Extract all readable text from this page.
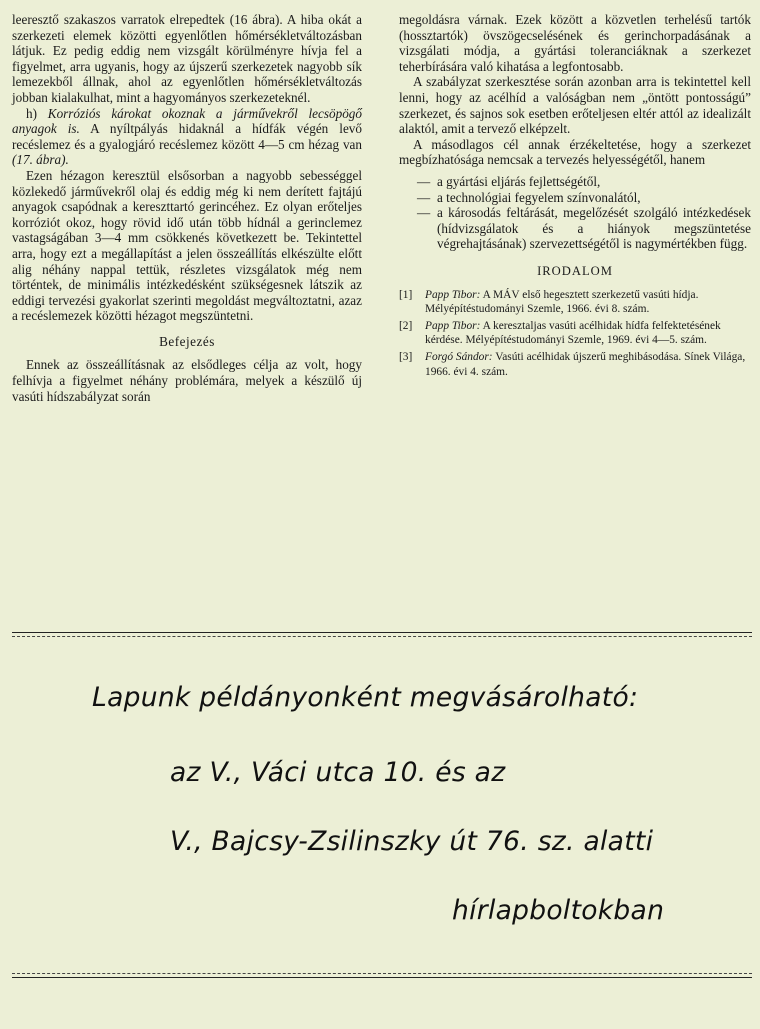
leeresztő szakaszos varratok elrepedtek (16 ábra). A hiba okát a szerkezeti elemek közötti egyenlőtlen hőmérsékletváltozásban látjuk. Ez pedig eddig nem vizsgált körülményre hívja fel a figyelmet, arra ugyanis, hogy az újszerű szerkezetek nagyobb sík lemezekből állnak, ahol az egyenlőtlen hőmérsékletváltozás jobban kialakulhat, mint a hagyományos szerkezeteknél.

h) Korróziós károkat okoznak a járművekről lecsöpögő anyagok is. A nyíltpályás hidaknál a hídfák végén levő recéslemez és a gyalogjáró recéslemez között 4—5 cm hézag van (17. ábra).

Ezen hézagon keresztül elsősorban a nagyobb sebességgel közlekedő járművekről olaj és eddig még ki nem derített fajtájú anyagok csapódnak a kereszttartó gerincéhez. Ez olyan erőteljes korróziót okoz, hogy rövid idő után több hídnál a gerinclemez vastagságában 3—4 mm csökkenés következett be. Tekintettel arra, hogy ezt a megállapítást a jelen összeállítás elkészülte előtt alig néhány nappal tettük, részletes vizsgálatok még nem történtek, de minimális intézkedésként szükségesnek látszik az eddigi tervezési gyakorlat szerinti megoldást megváltoztatni, azaz a recéslemezek közötti hézagot megszüntetni.

Befejezés

Ennek az összeállításnak az elsődleges célja az volt, hogy felhívja a figyelmet néhány problémára, melyek a készülő új vasúti hídszabályzat során

megoldásra várnak. Ezek között a közvetlen terhelésű tartók (hossztartók) övszögecselésének és gerinchorpadásának a vizsgálati módja, a gyártási toleranciáknak a szerkezet teherbírására való kihatása a legfontosabb.

A szabályzat szerkesztése során azonban arra is tekintettel kell lenni, hogy az acélhíd a valóságban nem „öntött pontosságú” szerkezet, és sajnos sok esetben erőteljesen eltér attól az idealizált alaktól, amit a tervező elképzelt.

A másodlagos cél annak érzékeltetése, hogy a szerkezet megbízhatósága nemcsak a tervezés helyességétől, hanem

— a gyártási eljárás fejlettségétől,
— a technológiai fegyelem színvonalától,
— a károsodás feltárását, megelőzését szolgáló intézkedések (hídvizsgálatok és a hiányok megszüntetése végrehajtásának) szervezettségétől is nagymértékben függ.
IRODALOM
[1]	Papp Tibor: A MÁV első hegesztett szerkezetű vasúti hídja. Mélyépítéstudományi Szemle, 1966. évi 8. szám.
[2]	Papp Tibor: A keresztaljas vasúti acélhidak hídfa felfektetésének kérdése. Mélyépítéstudományi Szemle, 1969. évi 4—5. szám.
[3]	Forgó Sándor: Vasúti acélhidak újszerű meghibásodása. Sínek Világa, 1966. évi 4. szám.
Lapunk példányonként megvásárolható:
az V., Váci utca 10. és az
V., Bajcsy-Zsilinszky út 76. sz. alatti
hírlapboltokban
